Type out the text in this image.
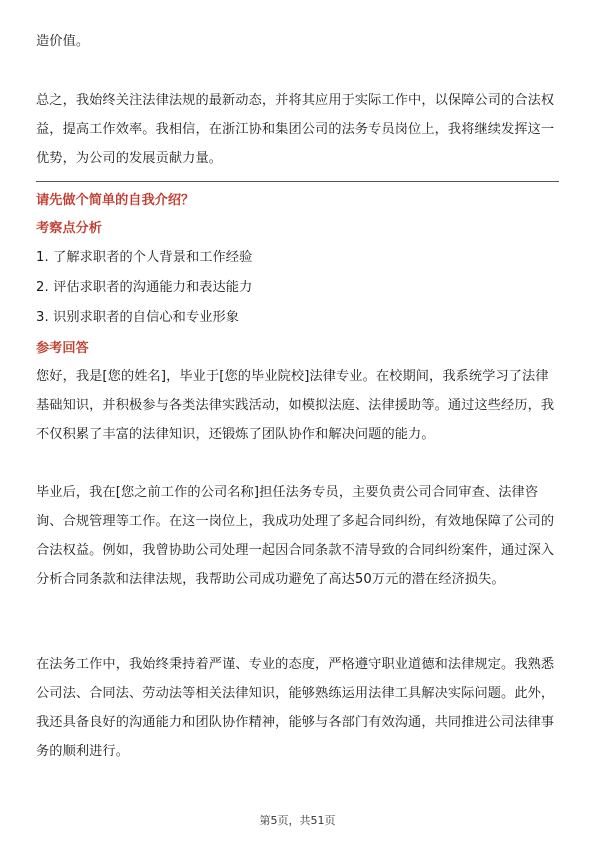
造价值。

总之，我始终关注法律法规的最新动态，并将其应用于实际工作中，以保障公司的合法权益，提高工作效率。我相信，在浙江协和集团公司的法务专员岗位上，我将继续发挥这一优势，为公司的发展贡献力量。

请先做个简单的自我介绍？
考察点分析

1. 了解求职者的个人背景和工作经验

2. 评估求职者的沟通能力和表达能力

3. 识别求职者的自信心和专业形象

参考回答

您好，我是[您的姓名]，毕业于[您的毕业院校]法律专业。在校期间，我系统学习了法律基础知识，并积极参与各类法律实践活动，如模拟法庭、法律援助等。通过这些经历，我不仅积累了丰富的法律知识，还锻炼了团队协作和解决问题的能力。

毕业后，我在[您之前工作的公司名称]担任法务专员，主要负责公司合同审查、法律咨询、合规管理等工作。在这一岗位上，我成功处理了多起合同纠纷，有效地保障了公司的合法权益。例如，我曾协助公司处理一起因合同条款不清导致的合同纠纷案件，通过深入分析合同条款和法律法规，我帮助公司成功避免了高达50万元的潜在经济损失。

在法务工作中，我始终秉持着严谨、专业的态度，严格遵守职业道德和法律规定。我熟悉公司法、合同法、劳动法等相关法律知识，能够熟练运用法律工具解决实际问题。此外，我还具备良好的沟通能力和团队协作精神，能够与各部门有效沟通，共同推进公司法律事务的顺利进行。

第5页，共51页
